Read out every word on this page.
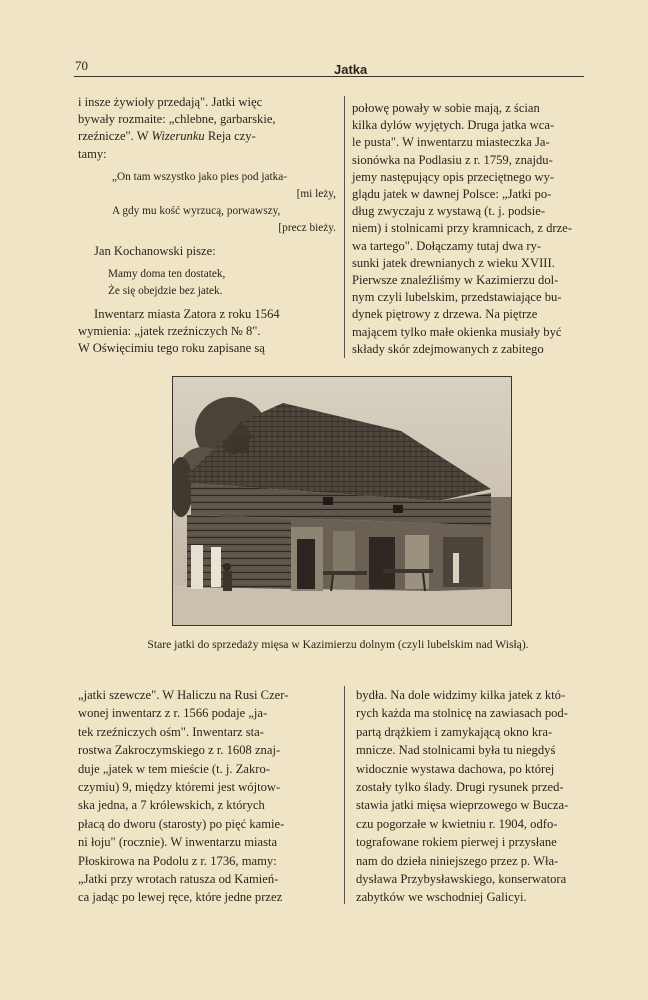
70	Jatka

i insze żywioły przedają". Jatki więc
bywały rozmaite: „chlebne, garbarskie,
rzeźnicze". W Wizerunku Reja czy-
tamy:

„On tam wszystko jako pies pod jatka-
[mi leży,
A gdy mu kość wyrzucą, porwawszy,
[precz bieży.

Jan Kochanowski pisze:

Mamy doma ten dostatek,
Że się obejdzie bez jatek.

Inwentarz miasta Zatora z roku 1564
wymienia: „jatek rzeźniczych № 8".
W Oświęcimiu tego roku zapisane są

połowę powały w sobie mają, z ścian
kilka dylów wyjętych. Druga jatka wca-
le pusta". W inwentarzu miasteczka Ja-
sionówka na Podlasiu z r. 1759, znajdu-
jemy następujący opis przeciętnego wy-
glądu jatek w dawnej Polsce: „Jatki po-
dług zwyczaju z wystawą (t. j. podsie-
niem) i stolnicami przy kramnicach, z drze-
wa tartego". Dołączamy tutaj dwa ry-
sunki jatek drewnianych z wieku XVIII.
Pierwsze znaleźliśmy w Kazimierzu dol-
nym czyli lubelskim, przedstawiające bu-
dynek piętrowy z drzewa. Na piętrze
mającem tylko małe okienka musiały być
składy skór zdejmowanych z zabitego
Stare jatki do sprzedaży mięsa w Kazimierzu dolnym (czyli lubelskim nad Wisłą).
„jatki szewcze". W Haliczu na Rusi Czer-
wonej inwentarz z r. 1566 podaje „ja-
tek rzeźniczych ośm". Inwentarz sta-
rostwa Zakroczymskiego z r. 1608 znaj-
duje „jatek w tem mieście (t. j. Zakro-
czymiu) 9, między któremi jest wójtow-
ska jedna, a 7 królewskich, z których
płacą do dworu (starosty) po pięć kamie-
ni łoju" (rocznie). W inwentarzu miasta
Płoskirowa na Podolu z r. 1736, mamy:
„Jatki przy wrotach ratusza od Kamień-
ca jadąc po lewej ręce, które jedne przez
bydła. Na dole widzimy kilka jatek z któ-
rych każda ma stolnicę na zawiasach pod-
partą drążkiem i zamykającą okno kra-
mnicze. Nad stolnicami była tu niegdyś
widocznie wystawa dachowa, po której
zostały tylko ślady. Drugi rysunek przed-
stawia jatki mięsa wieprzowego w Bucza-
czu pogorzałe w kwietniu r. 1904, odfo-
tografowane rokiem pierwej i przysłane
nam do dzieła niniejszego przez p. Wła-
dysława Przybysławskiego, konserwatora
zabytków we wschodniej Galicyi.
